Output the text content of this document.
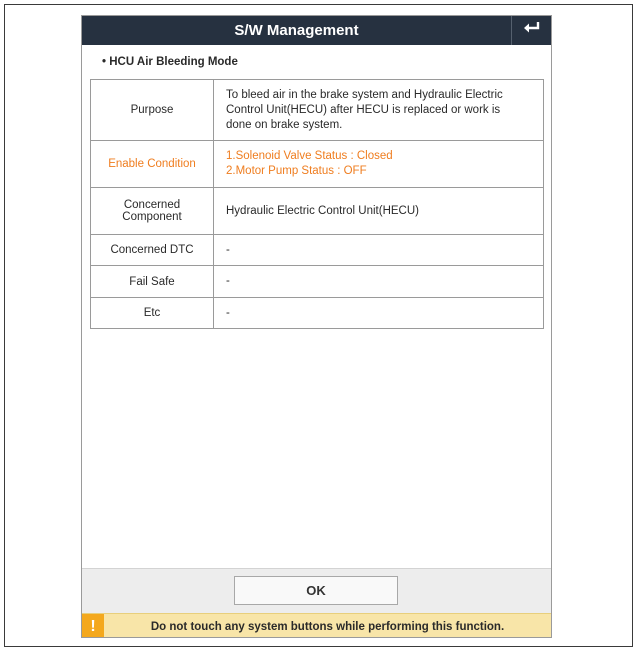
S/W Management
• HCU Air Bleeding Mode
Purpose	To bleed air in the brake system and Hydraulic Electric
Control Unit(HECU) after HECU is replaced or work is
done on brake system.

Enable Condition	1.Solenoid Valve Status : Closed
2.Motor Pump Status : OFF

Concerned
Component	Hydraulic Electric Control Unit(HECU)

Concerned DTC	-
Fail Safe	-
Etc	-
OK
!	Do not touch any system buttons while performing this function.
